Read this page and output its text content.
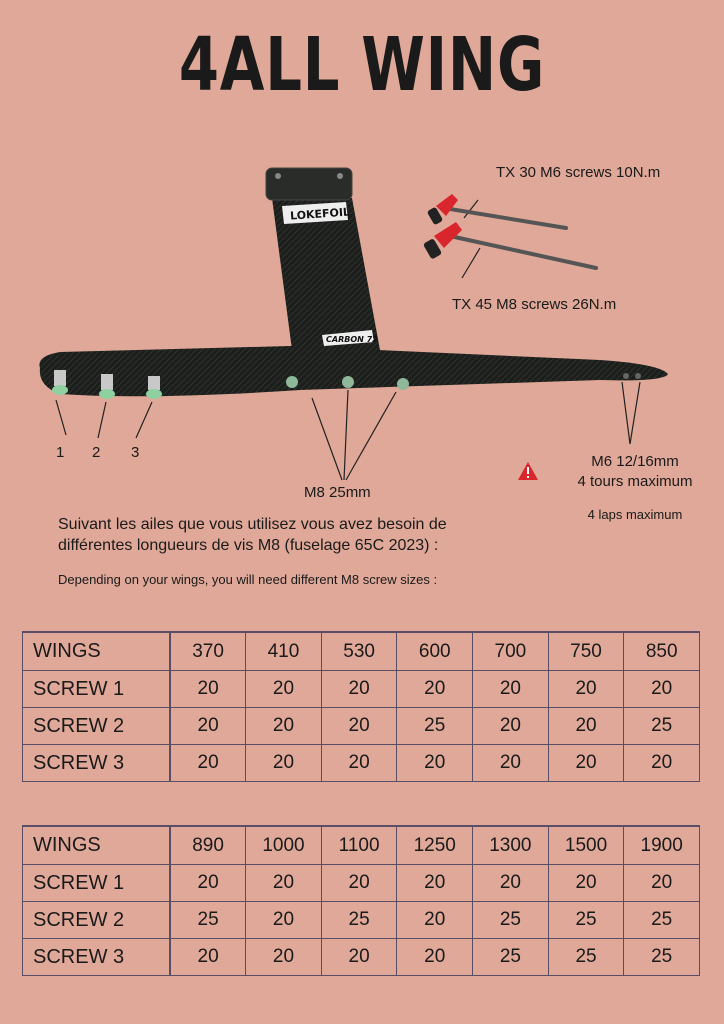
4ALL WING
LOKEFOIL
CARBON 72
TX 30 M6 screws 10N.m
TX 45 M8 screws 26N.m
1 2 3
M8 25mm
M6 12/16mm
4 tours maximum
4 laps maximum
Suivant les ailes que vous utilisez vous avez besoin de
différentes longueurs de vis M8 (fuselage 65C 2023) :
Depending on your wings, you will need different M8 screw sizes :
WINGS	370	410	530	600	700	750	850
SCREW 1	20	20	20	20	20	20	20
SCREW 2	20	20	20	25	20	20	25
SCREW 3	20	20	20	20	20	20	20
WINGS	890	1000	1100	1250	1300	1500	1900
SCREW 1	20	20	20	20	20	20	20
SCREW 2	25	20	25	20	25	25	25
SCREW 3	20	20	20	20	25	25	25
